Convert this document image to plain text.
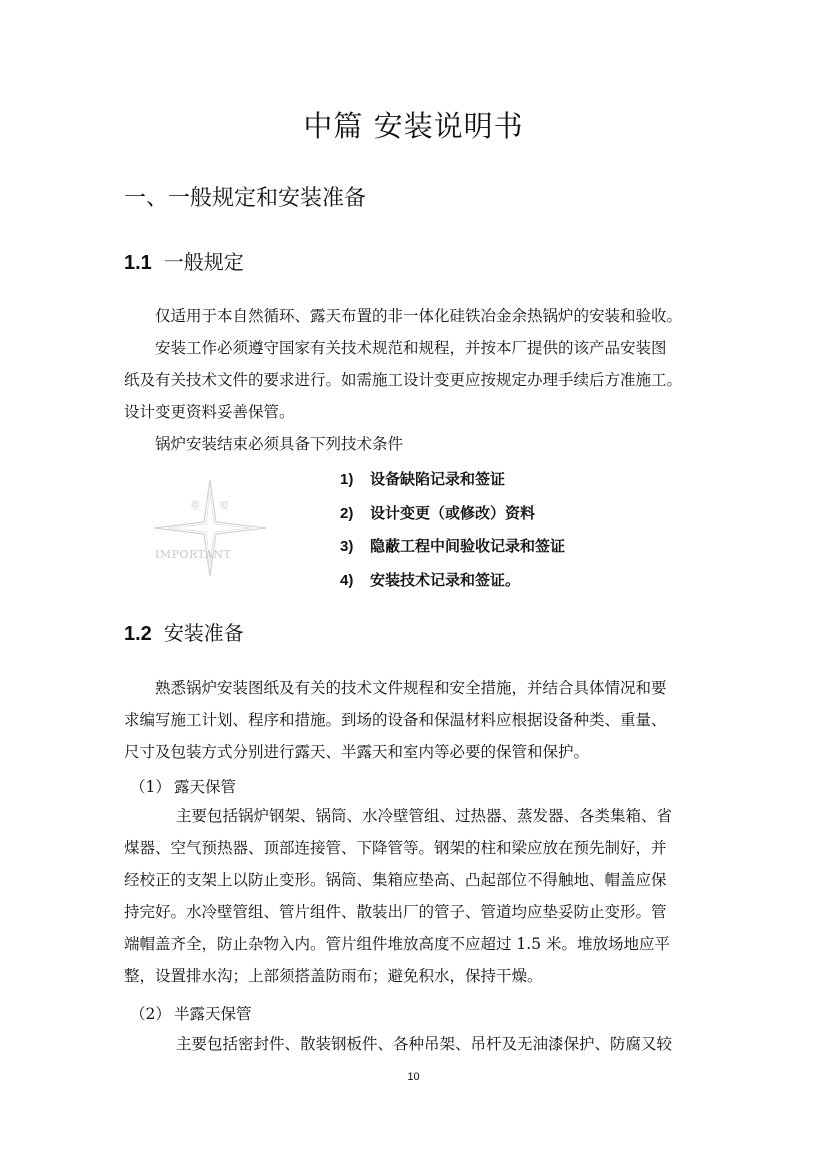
中篇 安装说明书
一、一般规定和安装准备
1.1 一般规定
仅适用于本自然循环、露天布置的非一体化硅铁冶金余热锅炉的安装和验收。
安装工作必须遵守国家有关技术规范和规程，并按本厂提供的该产品安装图
纸及有关技术文件的要求进行。如需施工设计变更应按规定办理手续后方准施工。
设计变更资料妥善保管。
锅炉安装结束必须具备下列技术条件
重 要
IMPORTANT
1) 设备缺陷记录和签证
2) 设计变更（或修改）资料
3) 隐蔽工程中间验收记录和签证
4) 安装技术记录和签证。
1.2 安装准备
熟悉锅炉安装图纸及有关的技术文件规程和安全措施，并结合具体情况和要
求编写施工计划、程序和措施。到场的设备和保温材料应根据设备种类、重量、
尺寸及包装方式分别进行露天、半露天和室内等必要的保管和保护。
（1） 露天保管
主要包括锅炉钢架、锅筒、水冷壁管组、过热器、蒸发器、各类集箱、省
煤器、空气预热器、顶部连接管、下降管等。钢架的柱和梁应放在预先制好，并
经校正的支架上以防止变形。锅筒、集箱应垫高、凸起部位不得触地、帽盖应保
持完好。水冷壁管组、管片组件、散装出厂的管子、管道均应垫妥防止变形。管
端帽盖齐全，防止杂物入内。管片组件堆放高度不应超过 1.5 米。堆放场地应平
整，设置排水沟；上部须搭盖防雨布；避免积水，保持干燥。
（2） 半露天保管
主要包括密封件、散装钢板件、各种吊架、吊杆及无油漆保护、防腐又较
10
